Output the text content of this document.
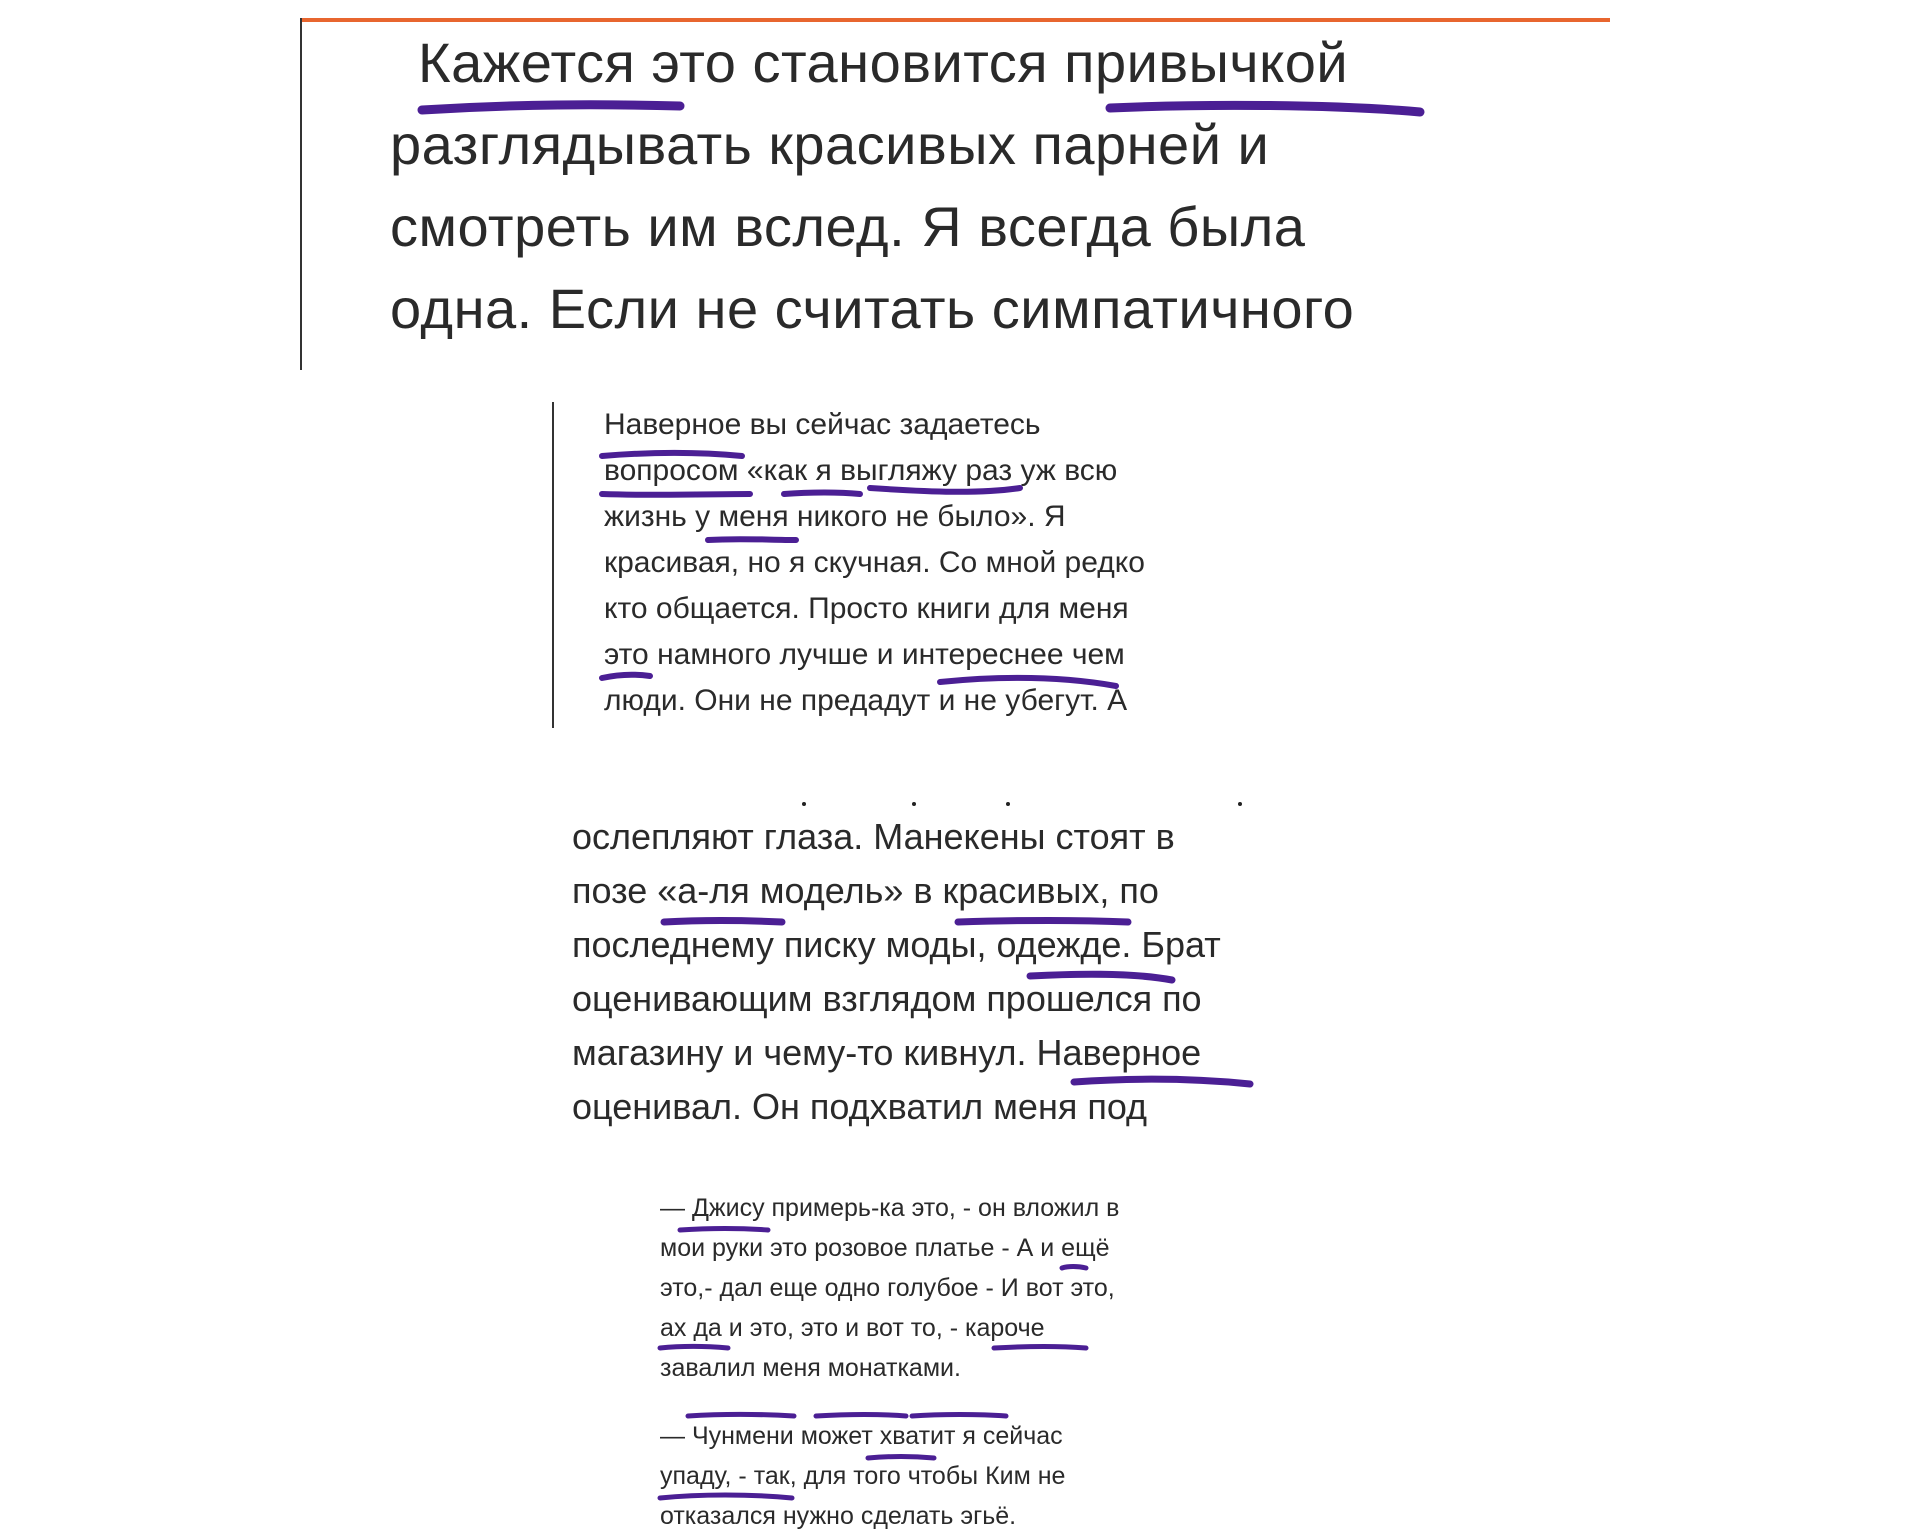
Кажется это становится привычкой
разглядывать красивых парней и
смотреть им вслед. Я всегда была
одна. Если не считать симпатичного
Наверное вы сейчас задаетесь
вопросом «как я выгляжу раз уж всю
жизнь у меня никого не было». Я
красивая, но я скучная. Со мной редко
кто общается. Просто книги для меня
это намного лучше и интереснее чем
люди. Они не предадут и не убегут. А
ослепляют глаза. Манекены стоят в
позе «а-ля модель» в красивых, по
последнему писку моды, одежде. Брат
оценивающим взглядом прошелся по
магазину и чему-то кивнул. Наверное
оценивал. Он подхватил меня под
— Джису примерь-ка это, - он вложил в
мои руки это розовое платье - А и ещё
это,- дал еще одно голубое - И вот это,
ах да и это, это и вот то, - кароче
завалил меня монатками.
— Чунмени может хватит я сейчас
упаду, - так, для того чтобы Ким не
отказался нужно сделать эгьё.
